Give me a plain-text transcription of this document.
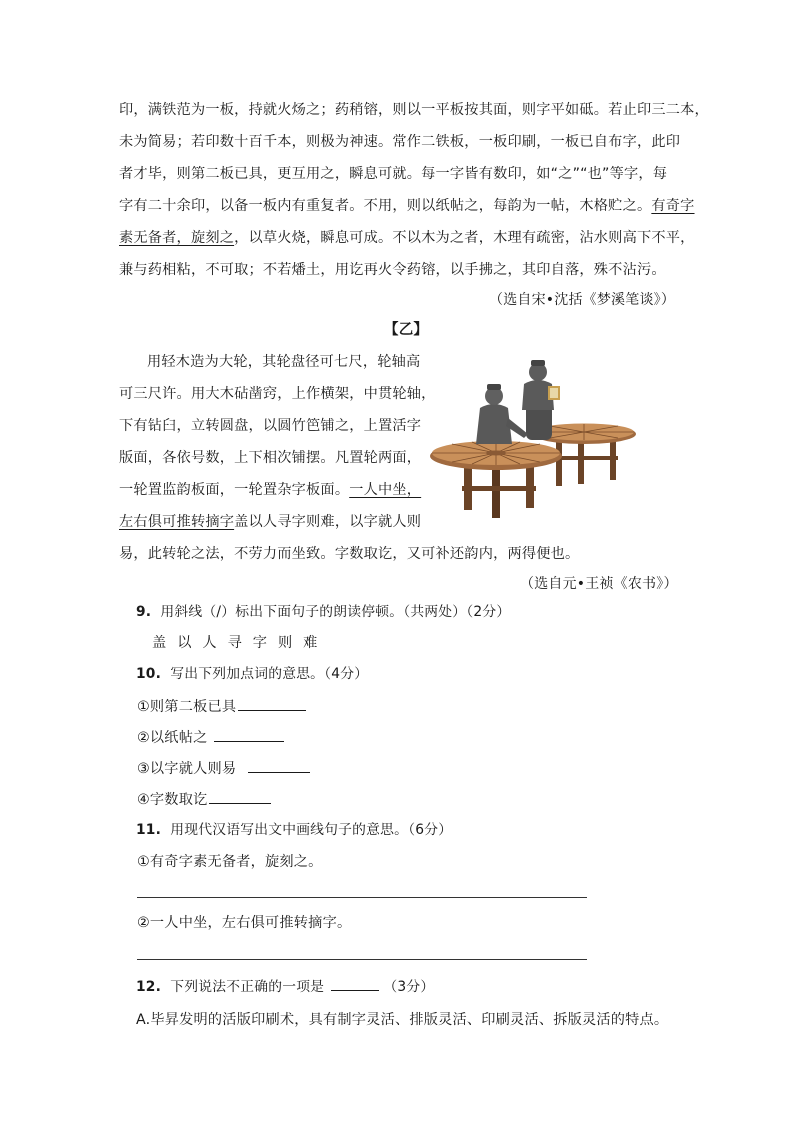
印，满铁范为一板，持就火炀之；药稍镕，则以一平板按其面，则字平如砥。若止印三二本，
未为简易；若印数十百千本，则极为神速。常作二铁板，一板印刷，一板已自布字，此印
者才毕，则第二板已具，更互用之，瞬息可就。每一字皆有数印，如“之”“也”等字，每
字有二十余印，以备一板内有重复者。不用，则以纸帖之，每韵为一帖，木格贮之。有奇字
素无备者，旋刻之，以草火烧，瞬息可成。不以木为之者，木理有疏密，沾水则高下不平，
兼与药相粘，不可取；不若燔土，用讫再火令药镕，以手拂之，其印自落，殊不沾污。
（选自宋•沈括《梦溪笔谈》）
【乙】
用轻木造为大轮，其轮盘径可七尺，轮轴高
可三尺许。用大木砧凿窍，上作横架，中贯轮轴，
下有钻臼，立转圆盘，以圆竹笆铺之，上置活字
版面，各依号数，上下相次铺摆。凡置轮两面，
一轮置监韵板面，一轮置杂字板面。一人中坐，
左右俱可推转摘字盖以人寻字则难，以字就人则
易，此转轮之法，不劳力而坐致。字数取讫，又可补还韵内，两得便也。
（选自元•王祯《农书》）
9. 用斜线（/）标出下面句子的朗读停顿。（共两处）（2分）
盖以人寻字则难
10. 写出下列加点词的意思。（4分）
①则第二板已具
②以纸帖之
③以字就人则易
④字数取讫
11. 用现代汉语写出文中画线句子的意思。（6分）
①有奇字素无备者，旋刻之。
②一人中坐，左右俱可推转摘字。
12. 下列说法不正确的一项是	（3分）
A.毕昇发明的活版印刷术，具有制字灵活、排版灵活、印刷灵活、拆版灵活的特点。
